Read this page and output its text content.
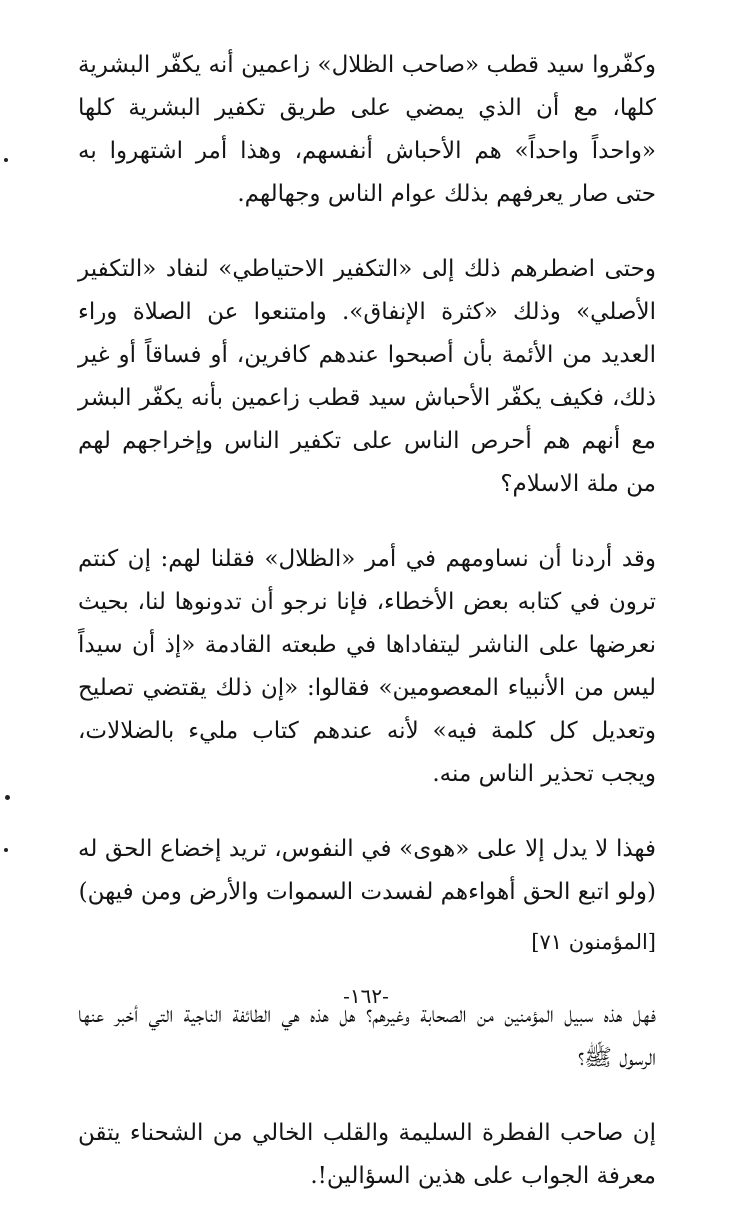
وكفّروا سيد قطب «صاحب الظلال» زاعمين أنه يكفّر البشرية كلها، مع أن الذي يمضي على طريق تكفير البشرية كلها «واحداً واحداً» هم الأحباش أنفسهم، وهذا أمر اشتهروا به حتى صار يعرفهم بذلك عوام الناس وجهالهم.

وحتى اضطرهم ذلك إلى «التكفير الاحتياطي» لنفاد «التكفير الأصلي» وذلك «كثرة الإنفاق». وامتنعوا عن الصلاة وراء العديد من الأئمة بأن أصبحوا عندهم كافرين، أو فساقاً أو غير ذلك، فكيف يكفّر الأحباش سيد قطب زاعمين بأنه يكفّر البشر مع أنهم هم أحرص الناس على تكفير الناس وإخراجهم لهم من ملة الاسلام؟

وقد أردنا أن نساومهم في أمر «الظلال» فقلنا لهم: إن كنتم ترون في كتابه بعض الأخطاء، فإنا نرجو أن تدونوها لنا، بحيث نعرضها على الناشر ليتفاداها في طبعته القادمة «إذ أن سيداً ليس من الأنبياء المعصومين» فقالوا: «إن ذلك يقتضي تصليح وتعديل كل كلمة فيه» لأنه عندهم كتاب مليء بالضلالات، ويجب تحذير الناس منه.

فهذا لا يدل إلا على «هوى» في النفوس، تريد إخضاع الحق له (ولو اتبع الحق أهواءهم لفسدت السموات والأرض ومن فيهن)

[المؤمنون ٧١]

فهل هذه سبيل المؤمنين من الصحابة وغيرهم؟ هل هذه هي الطائفة الناجية التي أخبر عنها الرسول ﷺ؟

إن صاحب الفطرة السليمة والقلب الخالي من الشحناء يتقن معرفة الجواب على هذين السؤالين!.

-١٦٢-
